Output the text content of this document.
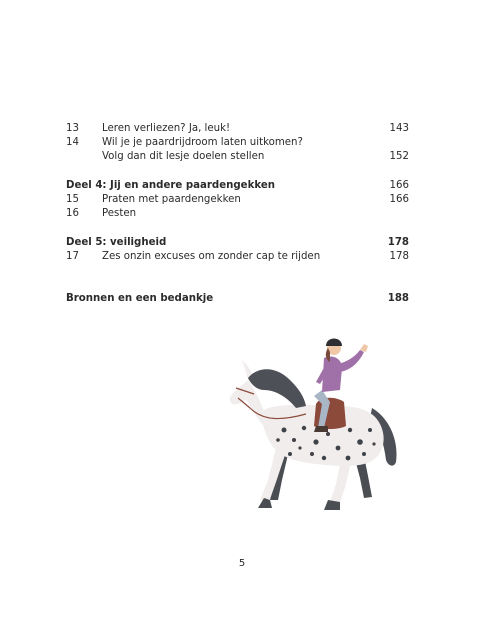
13	Leren verliezen? Ja, leuk!	143
14	Wil je je paardrijdroom laten uitkomen?
Volg dan dit lesje doelen stellen	152
Deel 4: Jij en andere paardengekken	166
15	Praten met paardengekken	166
16	Pesten
Deel 5: veiligheid	178
17	Zes onzin excuses om zonder cap te rijden	178
Bronnen en een bedankje	188
5
